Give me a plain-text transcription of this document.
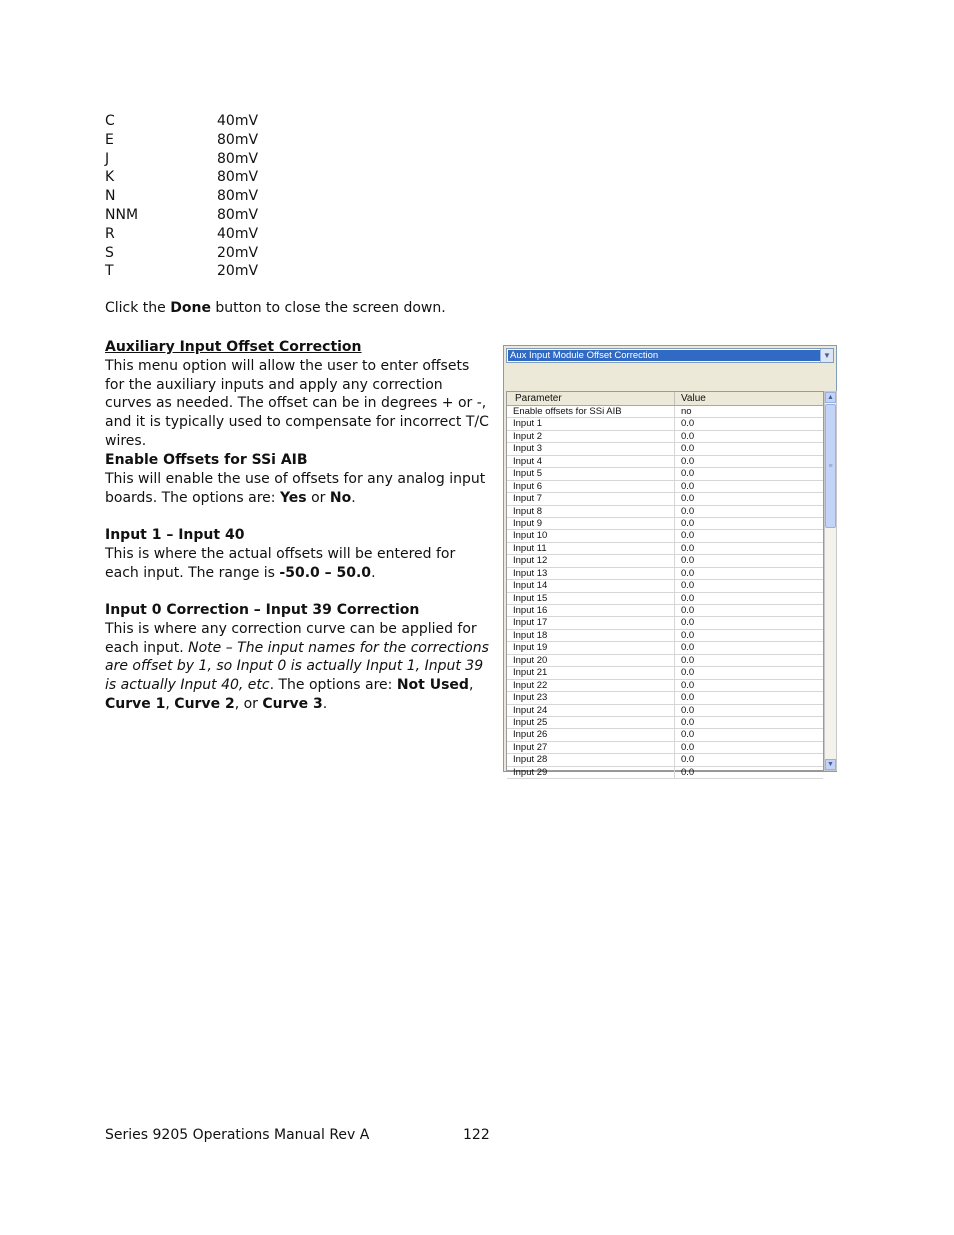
C	40mV
E	80mV
J	80mV
K	80mV
N	80mV
NNM	80mV
R	40mV
S	20mV
T	20mV

Click the Done button to close the screen down.

Auxiliary Input Offset Correction

This menu option will allow the user to enter offsets for the auxiliary inputs and apply any correction curves as needed. The offset can be in degrees + or -, and it is typically used to compensate for incorrect T/C wires.

Enable Offsets for SSi AIB

This will enable the use of offsets for any analog input boards. The options are: Yes or No.

Input 1 – Input 40

This is where the actual offsets will be entered for each input. The range is -50.0 – 50.0.

Input 0 Correction – Input 39 Correction

This is where any correction curve can be applied for each input. Note – The input names for the corrections are offset by 1, so Input 0 is actually Input 1, Input 39 is actually Input 40, etc. The options are: Not Used, Curve 1, Curve 2, or Curve 3.

Aux Input Module Offset Correction	▼
Parameter	Value
Enable offsets for SSi AIB	no
Input 1	0.0
Input 2	0.0
Input 3	0.0
Input 4	0.0
Input 5	0.0
Input 6	0.0
Input 7	0.0
Input 8	0.0
Input 9	0.0
Input 10	0.0
Input 11	0.0
Input 12	0.0
Input 13	0.0
Input 14	0.0
Input 15	0.0
Input 16	0.0
Input 17	0.0
Input 18	0.0
Input 19	0.0
Input 20	0.0
Input 21	0.0
Input 22	0.0
Input 23	0.0
Input 24	0.0
Input 25	0.0
Input 26	0.0
Input 27	0.0
Input 28	0.0
Input 29	0.0
▲
≡
▼
Series 9205 Operations Manual Rev A	122
